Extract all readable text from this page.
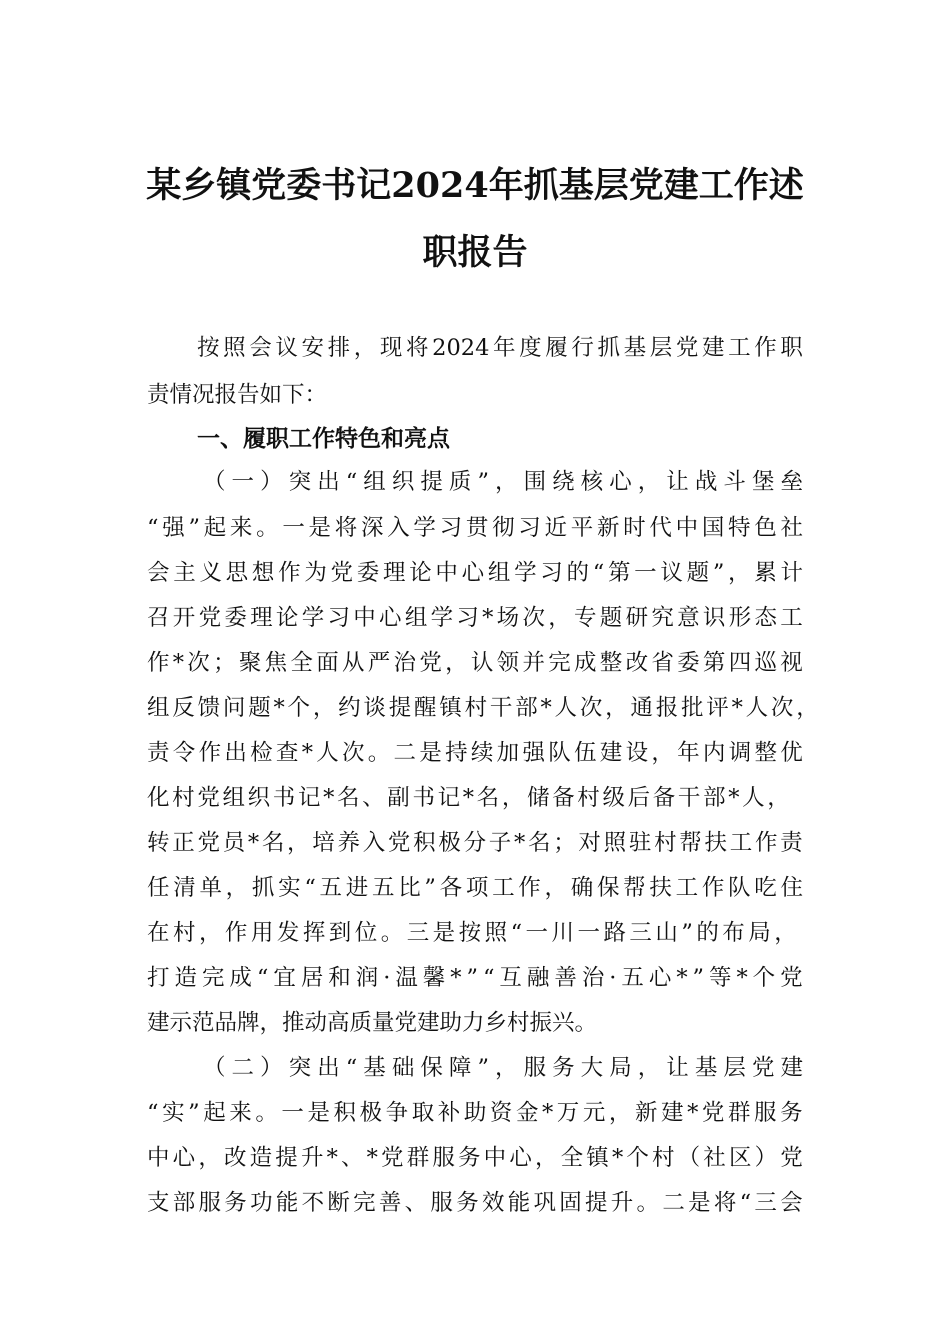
某乡镇党委书记2024年抓基层党建工作述
职报告
按 照 会 议 安 排 ， 现 将 2024 年 度 履 行 抓 基 层 党 建 工 作 职
责情况报告如下：
一、履职工作特色和亮点
（ 一 ） 突 出 “ 组 织 提 质 ” ， 围 绕 核 心 ， 让 战 斗 堡 垒
“ 强 ” 起 来 。 一 是 将 深 入 学 习 贯 彻 习 近 平 新 时 代 中 国 特 色 社
会 主 义 思 想 作 为 党 委 理 论 中 心 组 学 习 的 “ 第 一 议 题 ” ， 累 计
召 开 党 委 理 论 学 习 中 心 组 学 习 * 场 次 ， 专 题 研 究 意 识 形 态 工
作 * 次 ； 聚 焦 全 面 从 严 治 党 ， 认 领 并 完 成 整 改 省 委 第 四 巡 视
组 反 馈 问 题 * 个 ， 约 谈 提 醒 镇 村 干 部 * 人 次 ， 通 报 批 评 * 人 次 ，
责 令 作 出 检 查 * 人 次 。 二 是 持 续 加 强 队 伍 建 设 ， 年 内 调 整 优
化 村 党 组 织 书 记 * 名 、 副 书 记 * 名 ， 储 备 村 级 后 备 干 部 * 人 ，
转 正 党 员 * 名 ， 培 养 入 党 积 极 分 子 * 名 ； 对 照 驻 村 帮 扶 工 作 责
任 清 单 ， 抓 实 “ 五 进 五 比 ” 各 项 工 作 ， 确 保 帮 扶 工 作 队 吃 住
在 村 ， 作 用 发 挥 到 位 。 三 是 按 照 “ 一 川 一 路 三 山 ” 的 布 局 ，
打 造 完 成 “ 宜 居 和 润 · 温 馨 * ” “ 互 融 善 治 · 五 心 * ” 等 * 个 党
建示范品牌，推动高质量党建助力乡村振兴。
（ 二 ） 突 出 “ 基 础 保 障 ” ， 服 务 大 局 ， 让 基 层 党 建
“ 实 ” 起 来 。 一 是 积 极 争 取 补 助 资 金 * 万 元 ， 新 建 * 党 群 服 务
中 心 ， 改 造 提 升 * 、 * 党 群 服 务 中 心 ， 全 镇 * 个 村 （ 社 区 ） 党
支 部 服 务 功 能 不 断 完 善 、 服 务 效 能 巩 固 提 升 。 二 是 将 “ 三 会
